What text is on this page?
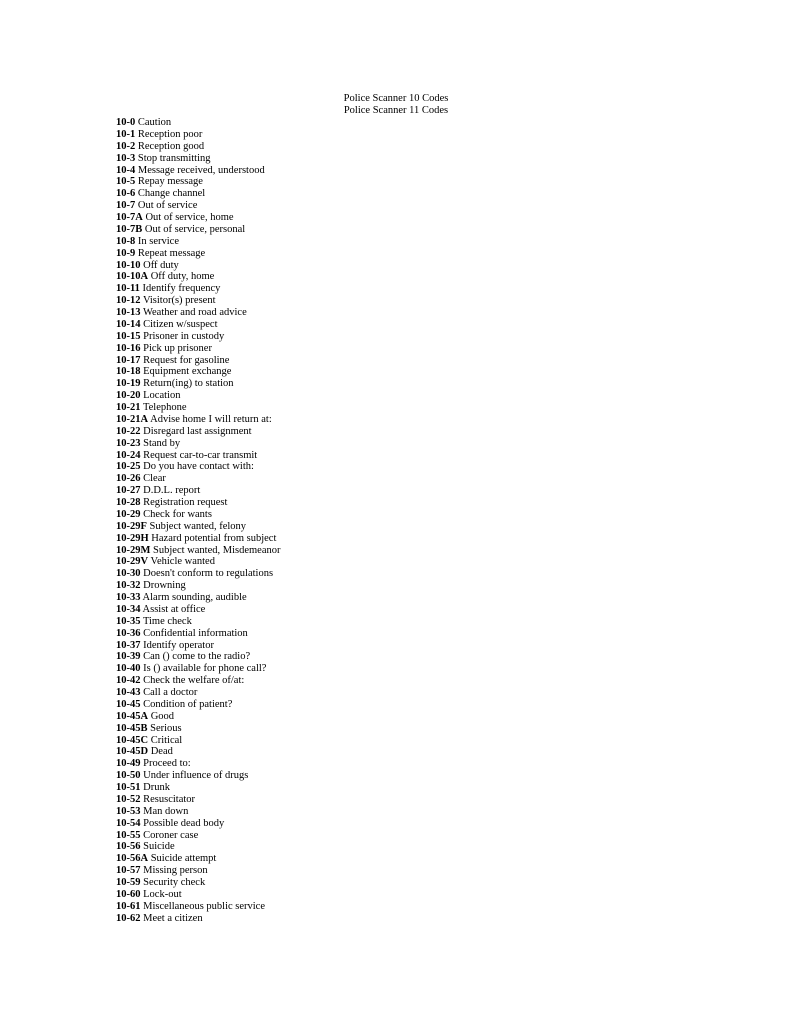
Police Scanner 10 Codes
Police Scanner 11 Codes
10-0 Caution
10-1 Reception poor
10-2 Reception good
10-3 Stop transmitting
10-4 Message received, understood
10-5 Repay message
10-6 Change channel
10-7 Out of service
10-7A Out of service, home
10-7B Out of service, personal
10-8 In service
10-9 Repeat message
10-10 Off duty
10-10A Off duty, home
10-11 Identify frequency
10-12 Visitor(s) present
10-13 Weather and road advice
10-14 Citizen w/suspect
10-15 Prisoner in custody
10-16 Pick up prisoner
10-17 Request for gasoline
10-18 Equipment exchange
10-19 Return(ing) to station
10-20 Location
10-21 Telephone
10-21A Advise home I will return at:
10-22 Disregard last assignment
10-23 Stand by
10-24 Request car-to-car transmit
10-25 Do you have contact with:
10-26 Clear
10-27 D.D.L. report
10-28 Registration request
10-29 Check for wants
10-29F Subject wanted, felony
10-29H Hazard potential from subject
10-29M Subject wanted, Misdemeanor
10-29V Vehicle wanted
10-30 Doesn't conform to regulations
10-32 Drowning
10-33 Alarm sounding, audible
10-34 Assist at office
10-35 Time check
10-36 Confidential information
10-37 Identify operator
10-39 Can () come to the radio?
10-40 Is () available for phone call?
10-42 Check the welfare of/at:
10-43 Call a doctor
10-45 Condition of patient?
10-45A Good
10-45B Serious
10-45C Critical
10-45D Dead
10-49 Proceed to:
10-50 Under influence of drugs
10-51 Drunk
10-52 Resuscitator
10-53 Man down
10-54 Possible dead body
10-55 Coroner case
10-56 Suicide
10-56A Suicide attempt
10-57 Missing person
10-59 Security check
10-60 Lock-out
10-61 Miscellaneous public service
10-62 Meet a citizen
